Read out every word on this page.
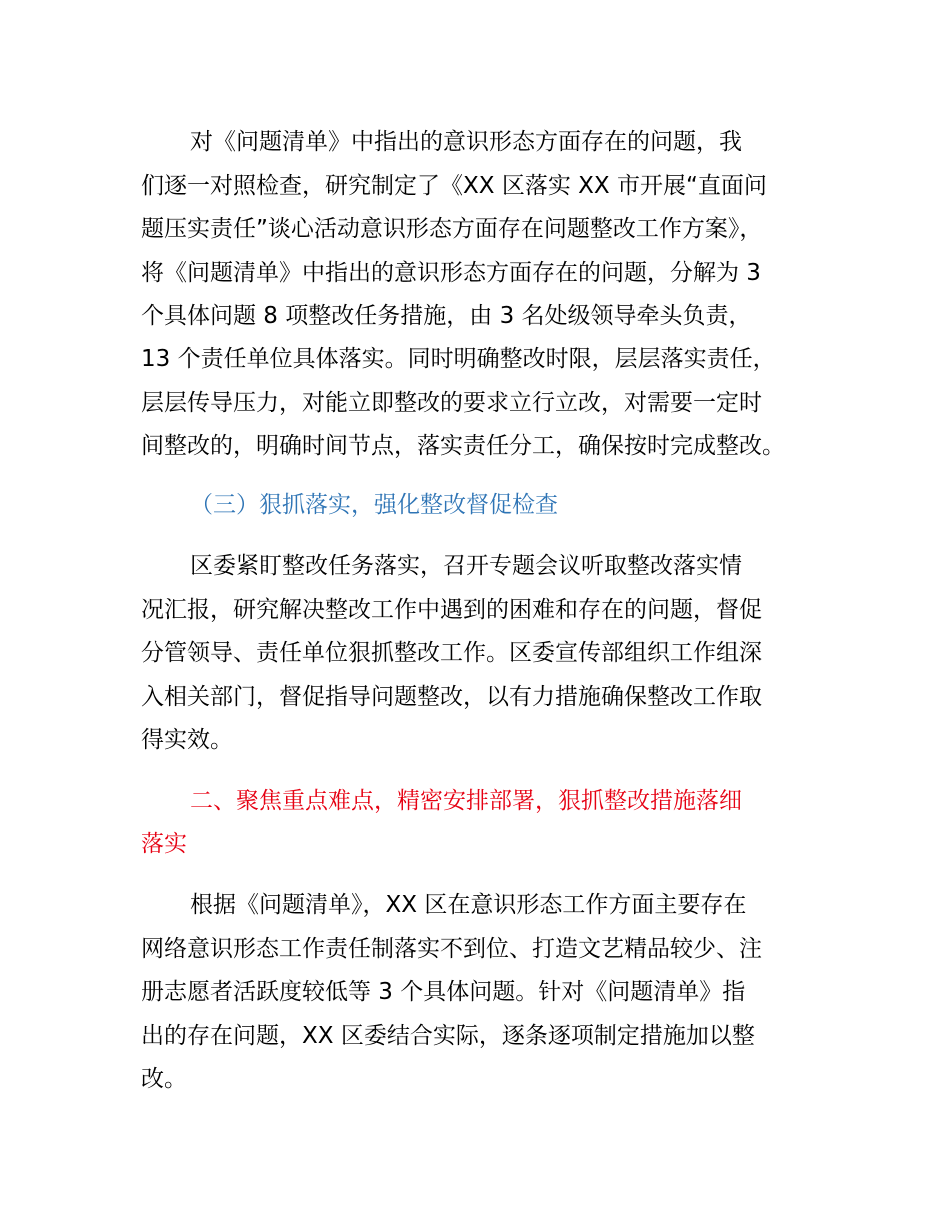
对《问题清单》中指出的意识形态方面存在的问题，我
们逐一对照检查，研究制定了《XX 区落实 XX 市开展“直面问
题压实责任”谈心活动意识形态方面存在问题整改工作方案》，
将《问题清单》中指出的意识形态方面存在的问题，分解为 3
个具体问题 8 项整改任务措施，由 3 名处级领导牵头负责，
13 个责任单位具体落实。同时明确整改时限，层层落实责任，
层层传导压力，对能立即整改的要求立行立改，对需要一定时
间整改的，明确时间节点，落实责任分工，确保按时完成整改。
（三）狠抓落实，强化整改督促检查
区委紧盯整改任务落实，召开专题会议听取整改落实情
况汇报，研究解决整改工作中遇到的困难和存在的问题，督促
分管领导、责任单位狠抓整改工作。区委宣传部组织工作组深
入相关部门，督促指导问题整改，以有力措施确保整改工作取
得实效。
二、聚焦重点难点，精密安排部署，狠抓整改措施落细
落实
根据《问题清单》，XX 区在意识形态工作方面主要存在
网络意识形态工作责任制落实不到位、打造文艺精品较少、注
册志愿者活跃度较低等 3 个具体问题。针对《问题清单》指
出的存在问题，XX 区委结合实际，逐条逐项制定措施加以整
改。
